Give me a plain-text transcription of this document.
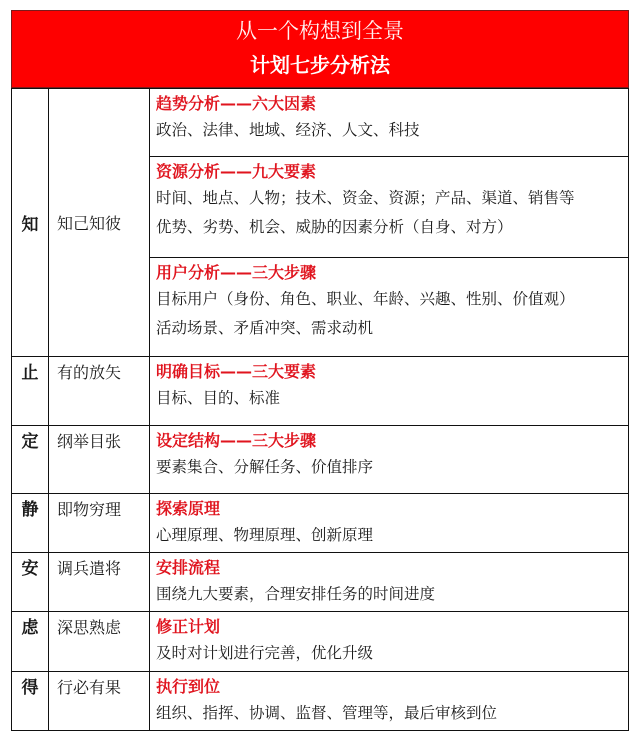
从一个构想到全景
计划七步分析法
知	知己知彼	趋势分析——六大因素
政治、法律、地域、经济、人文、科技

		资源分析——九大要素
时间、地点、人物；技术、资金、资源；产品、渠道、销售等
优势、劣势、机会、威胁的因素分析（自身、对方）

		用户分析——三大步骤
目标用户（身份、角色、职业、年龄、兴趣、性别、价值观）
活动场景、矛盾冲突、需求动机

止	有的放矢	明确目标——三大要素
目标、目的、标准

定	纲举目张	设定结构——三大步骤
要素集合、分解任务、价值排序

静	即物穷理	探索原理
心理原理、物理原理、创新原理

安	调兵遣将	安排流程
围绕九大要素，合理安排任务的时间进度

虑	深思熟虑	修正计划
及时对计划进行完善，优化升级

得	行必有果	执行到位
组织、指挥、协调、监督、管理等，最后审核到位
